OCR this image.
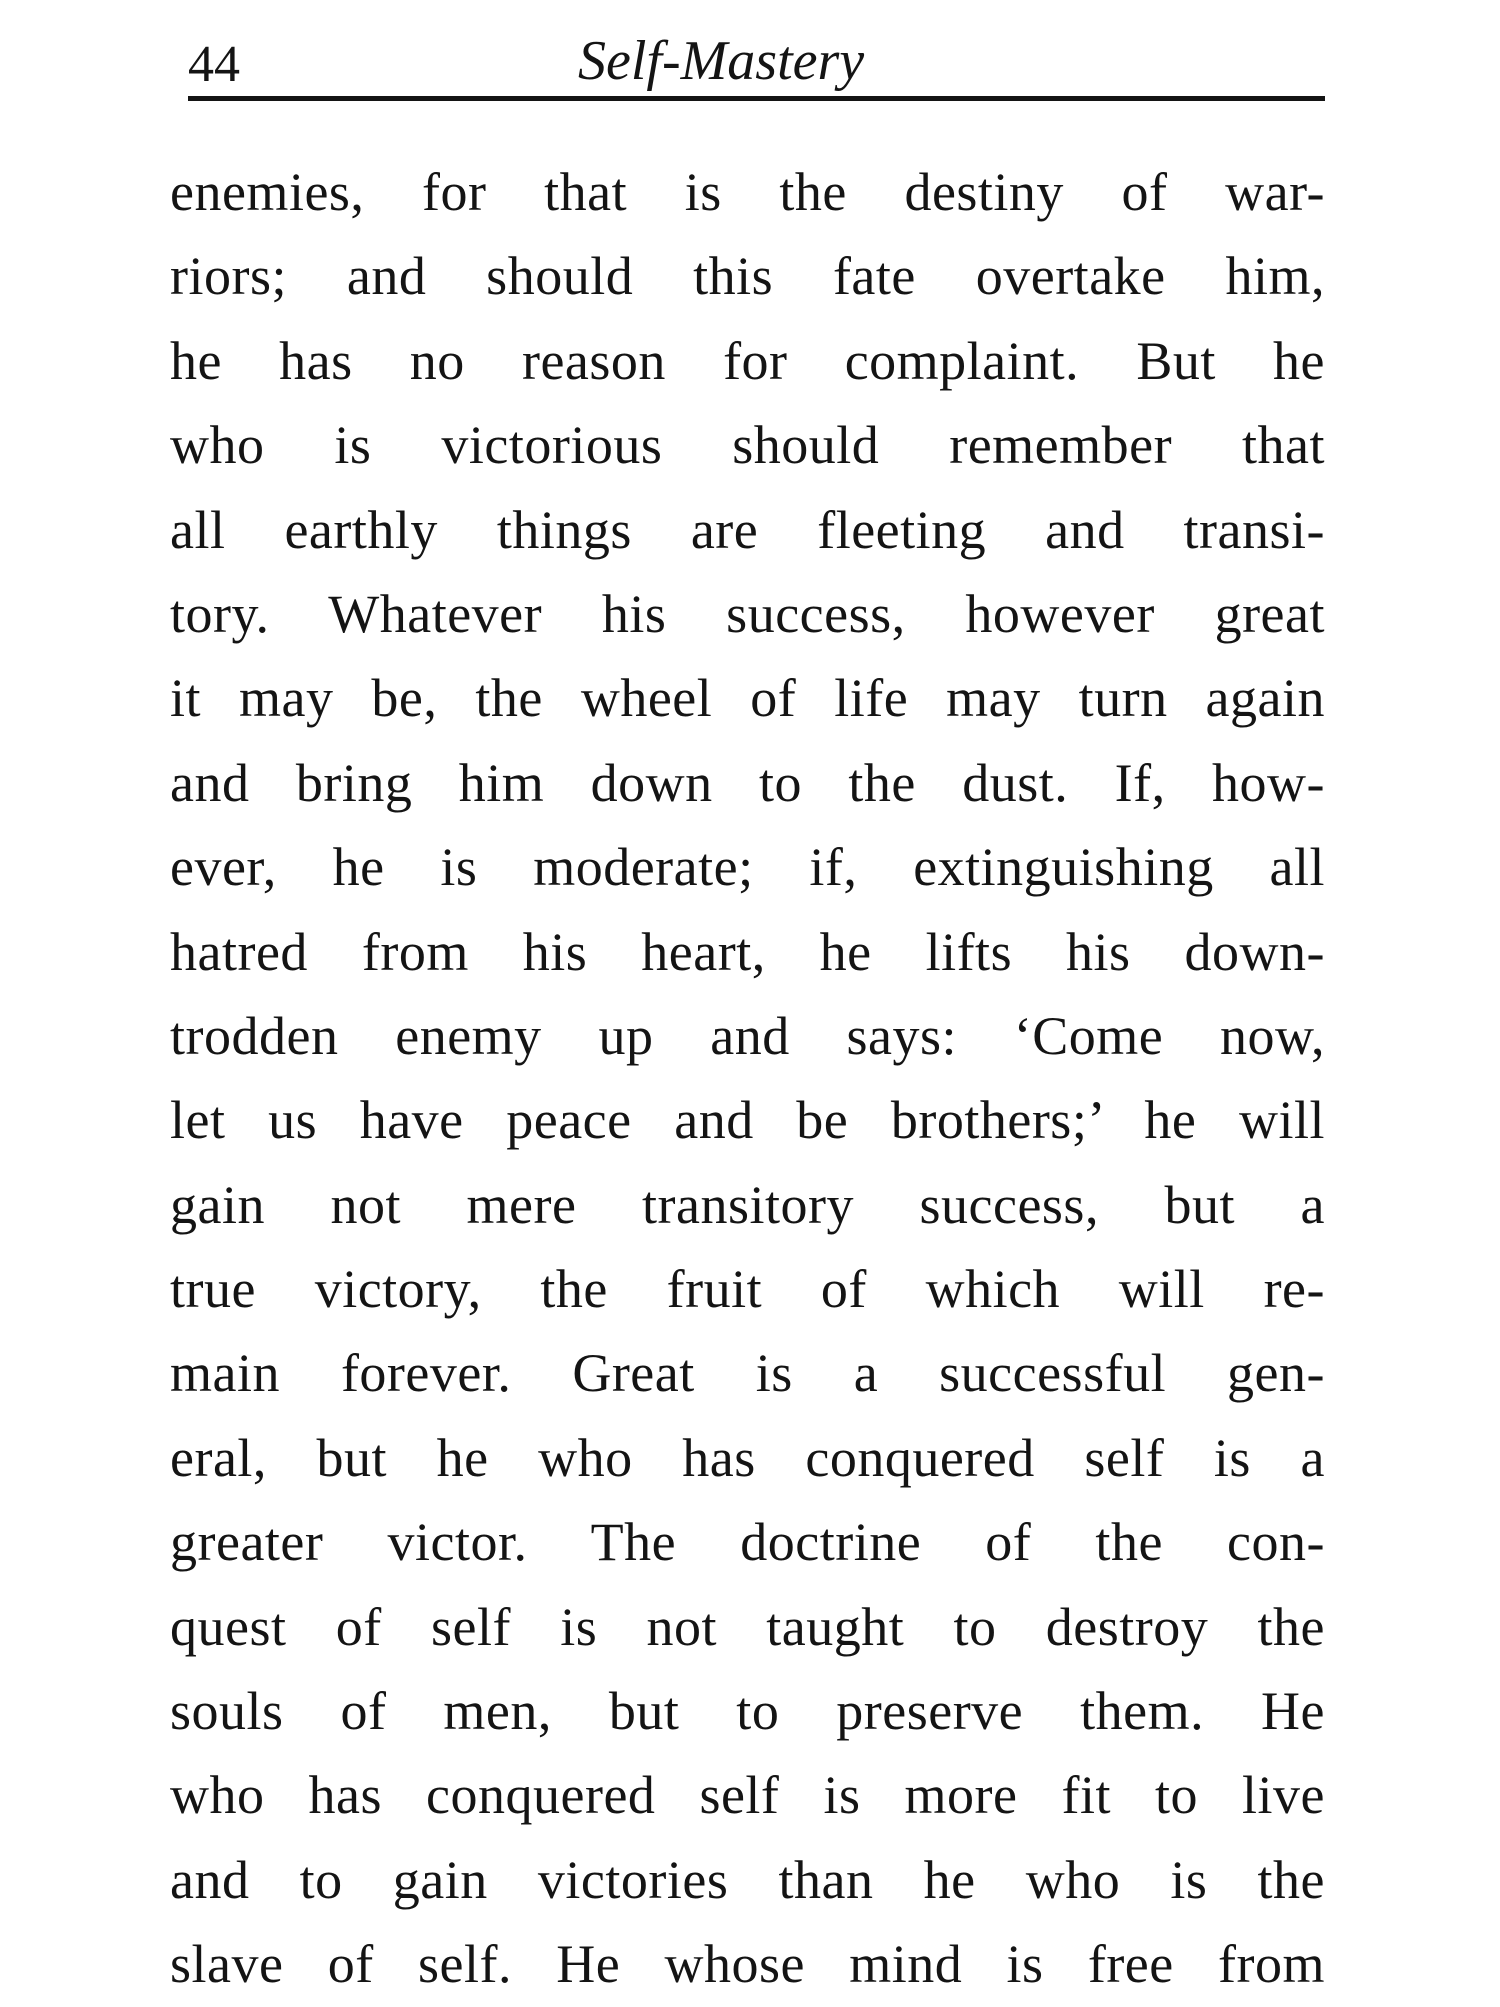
44	Self-Mastery
enemies, for that is the destiny of war-
riors; and should this fate overtake him,
he has no reason for complaint. But he
who is victorious should remember that
all earthly things are fleeting and transi-
tory. Whatever his success, however great
it may be, the wheel of life may turn again
and bring him down to the dust. If, how-
ever, he is moderate; if, extinguishing all
hatred from his heart, he lifts his down-
trodden enemy up and says: ‘Come now,
let us have peace and be brothers;’ he will
gain not mere transitory success, but a
true victory, the fruit of which will re-
main forever. Great is a successful gen-
eral, but he who has conquered self is a
greater victor. The doctrine of the con-
quest of self is not taught to destroy the
souls of men, but to preserve them. He
who has conquered self is more fit to live
and to gain victories than he who is the
slave of self. He whose mind is free from
